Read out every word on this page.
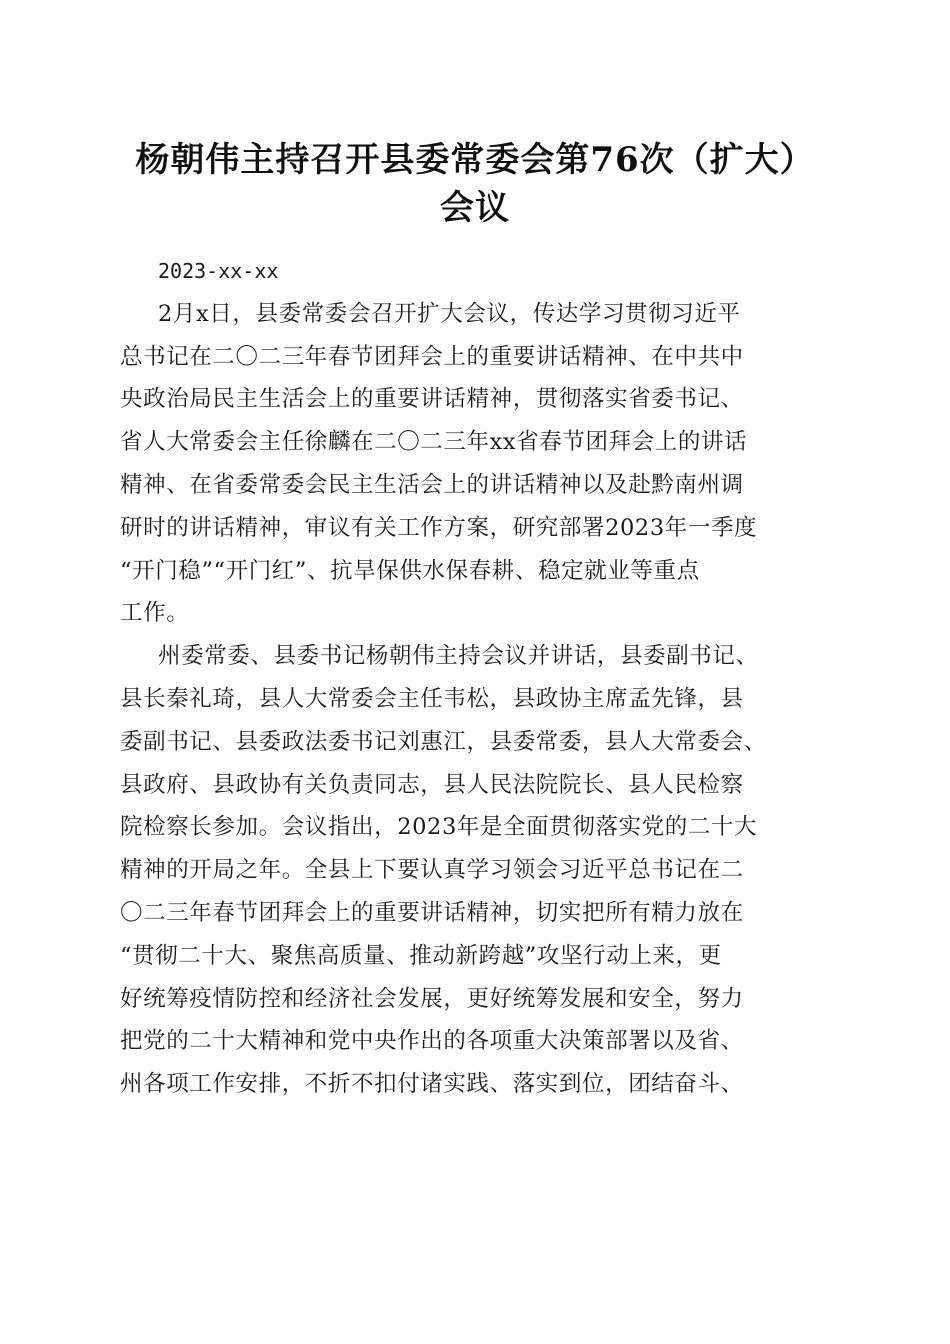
杨朝伟主持召开县委常委会第76次（扩大）
会议
2023-xx-xx
2月x日，县委常委会召开扩大会议，传达学习贯彻习近平
总书记在二〇二三年春节团拜会上的重要讲话精神、在中共中
央政治局民主生活会上的重要讲话精神，贯彻落实省委书记、
省人大常委会主任徐麟在二〇二三年xx省春节团拜会上的讲话
精神、在省委常委会民主生活会上的讲话精神以及赴黔南州调
研时的讲话精神，审议有关工作方案，研究部署2023年一季度
“开门稳”“开门红”、抗旱保供水保春耕、稳定就业等重点
工作。
州委常委、县委书记杨朝伟主持会议并讲话，县委副书记、
县长秦礼琦，县人大常委会主任韦松，县政协主席孟先锋，县
委副书记、县委政法委书记刘惠江，县委常委，县人大常委会、
县政府、县政协有关负责同志，县人民法院院长、县人民检察
院检察长参加。会议指出，2023年是全面贯彻落实党的二十大
精神的开局之年。全县上下要认真学习领会习近平总书记在二
〇二三年春节团拜会上的重要讲话精神，切实把所有精力放在
“贯彻二十大、聚焦高质量、推动新跨越”攻坚行动上来，更
好统筹疫情防控和经济社会发展，更好统筹发展和安全，努力
把党的二十大精神和党中央作出的各项重大决策部署以及省、
州各项工作安排，不折不扣付诸实践、落实到位，团结奋斗、
